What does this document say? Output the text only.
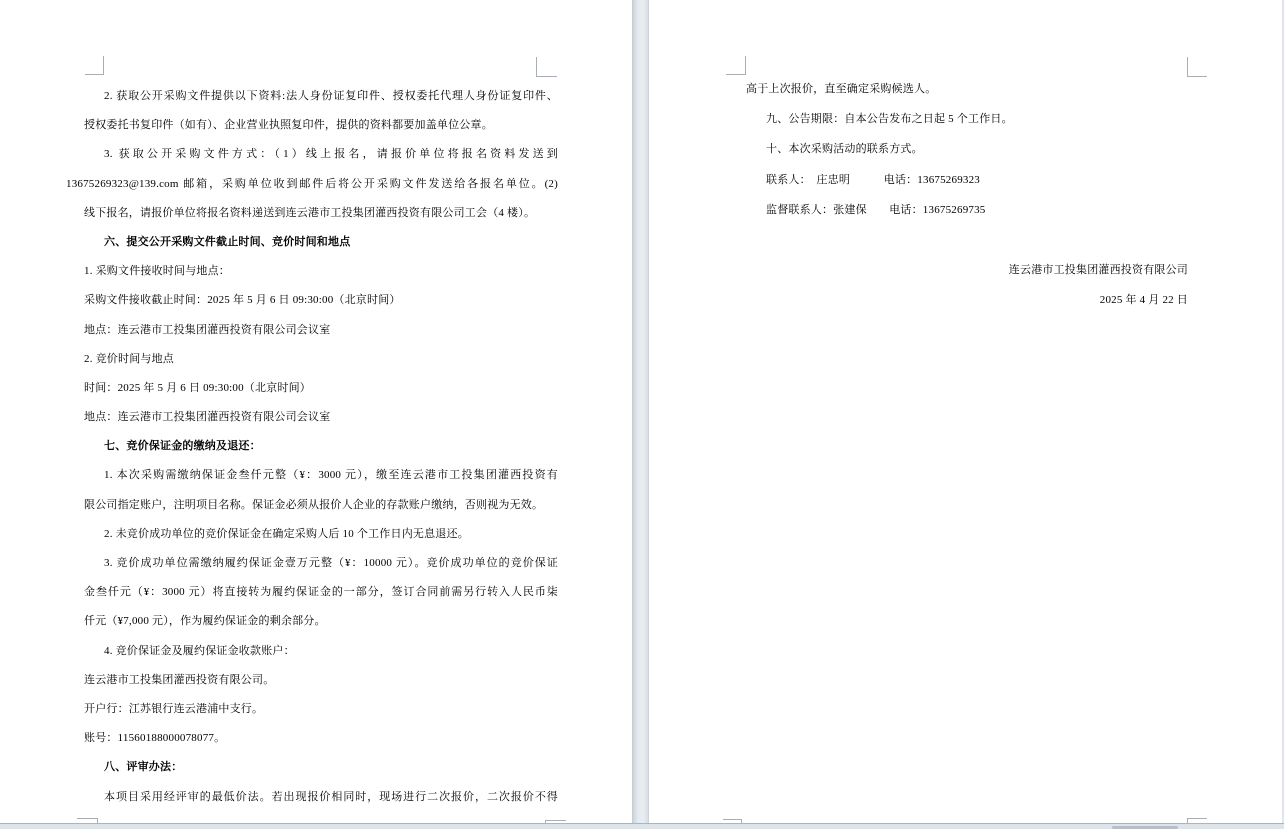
2. 获取公开采购文件提供以下资料:法人身份证复印件、授权委托代理人身份证复印件、
授权委托书复印件（如有）、企业营业执照复印件，提供的资料都要加盖单位公章。
3. 获取公开采购文件方式：（1）线上报名，请报价单位将报名资料发送到
13675269323@139.com 邮箱，采购单位收到邮件后将公开采购文件发送给各报名单位。(2)
线下报名，请报价单位将报名资料递送到连云港市工投集团灌西投资有限公司工会（4 楼）。
六、提交公开采购文件截止时间、竞价时间和地点
1. 采购文件接收时间与地点：
采购文件接收截止时间：2025 年 5 月 6 日 09:30:00（北京时间）
地点：连云港市工投集团灌西投资有限公司会议室
2. 竞价时间与地点
时间：2025 年 5 月 6 日 09:30:00（北京时间）
地点：连云港市工投集团灌西投资有限公司会议室
七、竞价保证金的缴纳及退还：
1. 本次采购需缴纳保证金叁仟元整（¥：3000 元），缴至连云港市工投集团灌西投资有
限公司指定账户，注明项目名称。保证金必须从报价人企业的存款账户缴纳，否则视为无效。
2. 未竞价成功单位的竞价保证金在确定采购人后 10 个工作日内无息退还。
3. 竞价成功单位需缴纳履约保证金壹万元整（¥：10000 元）。竞价成功单位的竞价保证
金叁仟元（¥：3000 元）将直接转为履约保证金的一部分，签订合同前需另行转入人民币柒
仟元（¥7,000 元），作为履约保证金的剩余部分。
4. 竞价保证金及履约保证金收款账户：
连云港市工投集团灌西投资有限公司。
开户行：江苏银行连云港浦中支行。
账号：11560188000078077。
八、评审办法：
本项目采用经评审的最低价法。若出现报价相同时，现场进行二次报价，二次报价不得
高于上次报价，直至确定采购候选人。
九、公告期限：自本公告发布之日起 5 个工作日。
十、本次采购活动的联系方式。
联系人：　庄忠明　　　电话：13675269323
监督联系人：张建保　　电话：13675269735

连云港市工投集团灌西投资有限公司
2025 年 4 月 22 日
